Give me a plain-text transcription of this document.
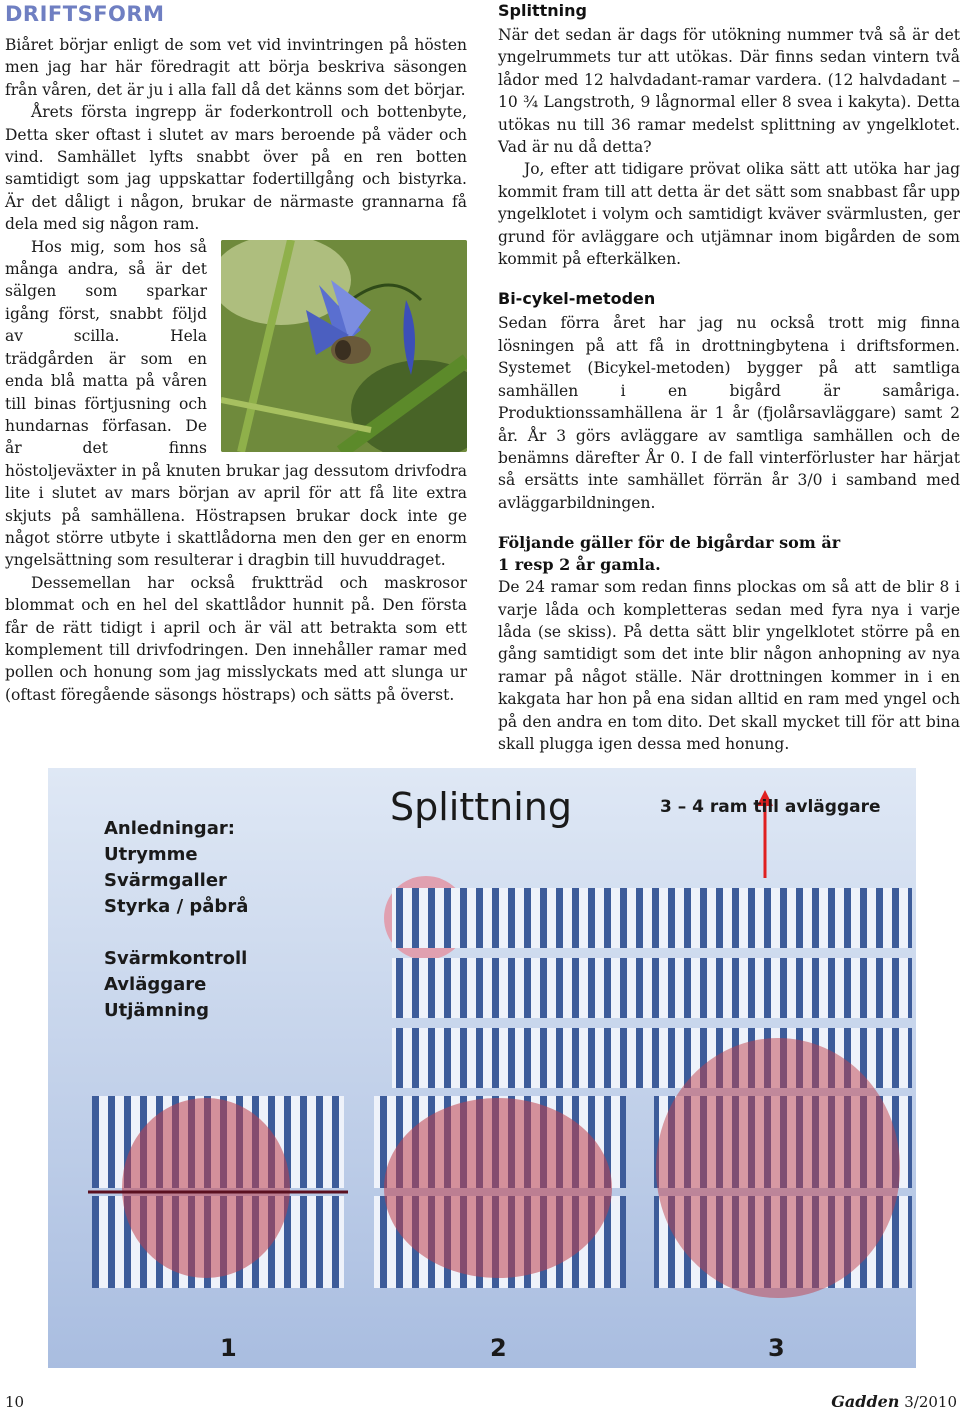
DRIFTSFORM

Biåret börjar enligt de som vet vid invintringen på hösten men jag har här föredragit att börja beskriva säsongen från våren, det är ju i alla fall då det känns som det börjar.

Årets första ingrepp är foderkontroll och bottenbyte, Detta sker oftast i slutet av mars beroende på väder och vind. Samhället lyfts snabbt över på en ren botten samtidigt som jag uppskattar fodertillgång och bistyrka. Är det dåligt i någon, brukar de närmaste grannarna få dela med sig någon ram.

Hos mig, som hos så många andra, så är det sälgen som sparkar igång först, snabbt följd av scilla. Hela trädgården är som en enda blå matta på våren till binas förtjusning och hundarnas förfasan. De år det finns höstoljeväxter in på knuten brukar jag dessutom drivfodra lite i slutet av mars början av april för att få lite extra skjuts på samhällena. Höstrapsen brukar dock inte ge något större utbyte i skattlådorna men den ger en enorm yngelsättning som resulterar i dragbin till huvuddraget.

Dessemellan har också fruktträd och maskrosor blommat och en hel del skattlådor hunnit på. Den första får de rätt tidigt i april och är väl att betrakta som ett komplement till drivfodringen. Den innehåller ramar med pollen och honung som jag misslyckats med att slunga ur (oftast föregående säsongs höstraps) och sätts på överst.

Splittning

När det sedan är dags för utökning nummer två så är det yngelrummets tur att utökas. Där finns sedan vintern två lådor med 12 halvdadant-ramar vardera. (12 halvdadant – 10 ¾ Langstroth, 9 lågnormal eller 8 svea i kakyta). Detta utökas nu till 36 ramar medelst splittning av yngelklotet. Vad är nu då detta?

Jo, efter att tidigare prövat olika sätt att utöka har jag kommit fram till att detta är det sätt som snabbast får upp yngelklotet i volym och samtidigt kväver svärmlusten, ger grund för avläggare och utjämnar inom bigården de som kommit på efterkälken.

Bi-cykel-metoden

Sedan förra året har jag nu också trott mig finna lösningen på att få in drottningbytena i driftsformen. Systemet (Bicykel-metoden) bygger på att samtliga samhällen i en bigård är samåriga. Produktionssamhällena är 1 år (fjolårsavläggare) samt 2 år. År 3 görs avläggare av samtliga samhällen och de benämns därefter År 0. I de fall vinterförluster har härjat så ersätts inte samhället förrän år 3/0 i samband med avläggarbildningen.

Följande gäller för de bigårdar som är
1 resp 2 år gamla.

De 24 ramar som redan finns plockas om så att de blir 8 i varje låda och kompletteras sedan med fyra nya i varje låda (se skiss). På detta sätt blir yngelklotet större på en gång samtidigt som det inte blir någon anhopning av nya ramar på något ställe. När drottningen kommer in i en kakgata har hon på ena sidan alltid en ram med yngel och på den andra en tom dito. Det skall mycket till för att bina skall plugga igen dessa med honung.

Splittning
Anledningar:
Utrymme
Svärmgaller
Styrka / påbrå
Svärmkontroll
Avläggare
Utjämning
3 – 4 ram till avläggare
1	2	3
10	Gadden 3/2010
